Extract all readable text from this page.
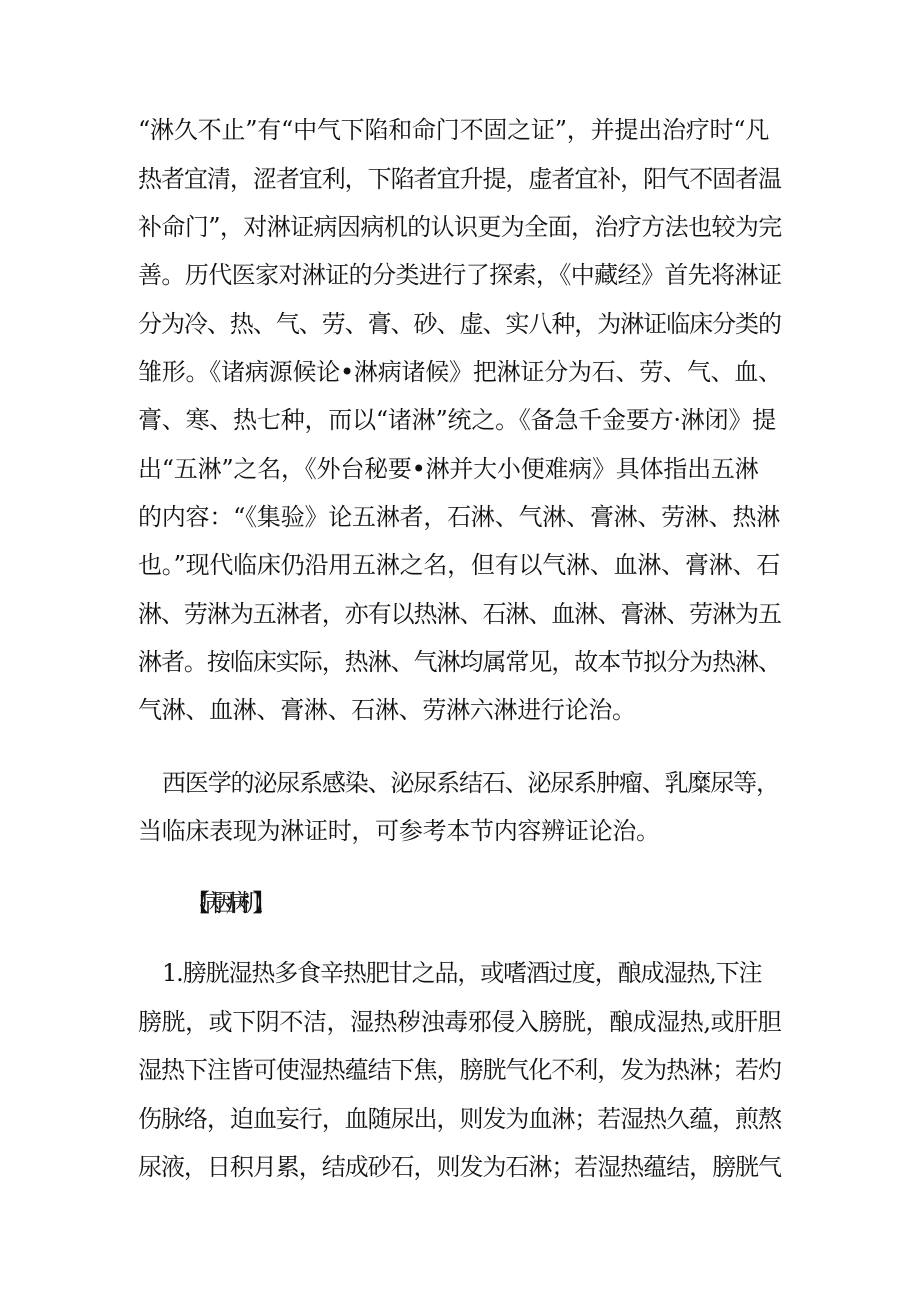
“淋久不止”有“中气下陷和命门不固之证”，并提出治疗时“凡
热者宜清，涩者宜利，下陷者宜升提，虚者宜补，阳气不固者温
补命门”，对淋证病因病机的认识更为全面，治疗方法也较为完
善。历代医家对淋证的分类进行了探索，《中藏经》首先将淋证
分为冷、热、气、劳、膏、砂、虚、实八种，为淋证临床分类的
雏形。《诸病源候论•淋病诸候》把淋证分为石、劳、气、血、
膏、寒、热七种，而以“诸淋”统之。《备急千金要方·淋闭》提
出“五淋”之名，《外台秘要•淋并大小便难病》具体指出五淋
的内容：“《集验》论五淋者，石淋、气淋、膏淋、劳淋、热淋
也。”现代临床仍沿用五淋之名，但有以气淋、血淋、膏淋、石
淋、劳淋为五淋者，亦有以热淋、石淋、血淋、膏淋、劳淋为五
淋者。按临床实际，热淋、气淋均属常见，故本节拟分为热淋、
气淋、血淋、膏淋、石淋、劳淋六淋进行论治。
西医学的泌尿系感染、泌尿系结石、泌尿系肿瘤、乳糜尿等，
当临床表现为淋证时，可参考本节内容辨证论治。
【病因病机】
1.膀胱湿热多食辛热肥甘之品，或嗜酒过度，酿成湿热,下注
膀胱，或下阴不洁，湿热秽浊毒邪侵入膀胱，酿成湿热,或肝胆
湿热下注皆可使湿热蕴结下焦，膀胱气化不利，发为热淋；若灼
伤脉络，迫血妄行，血随尿出，则发为血淋；若湿热久蕴，煎熬
尿液，日积月累，结成砂石，则发为石淋；若湿热蕴结，膀胱气
